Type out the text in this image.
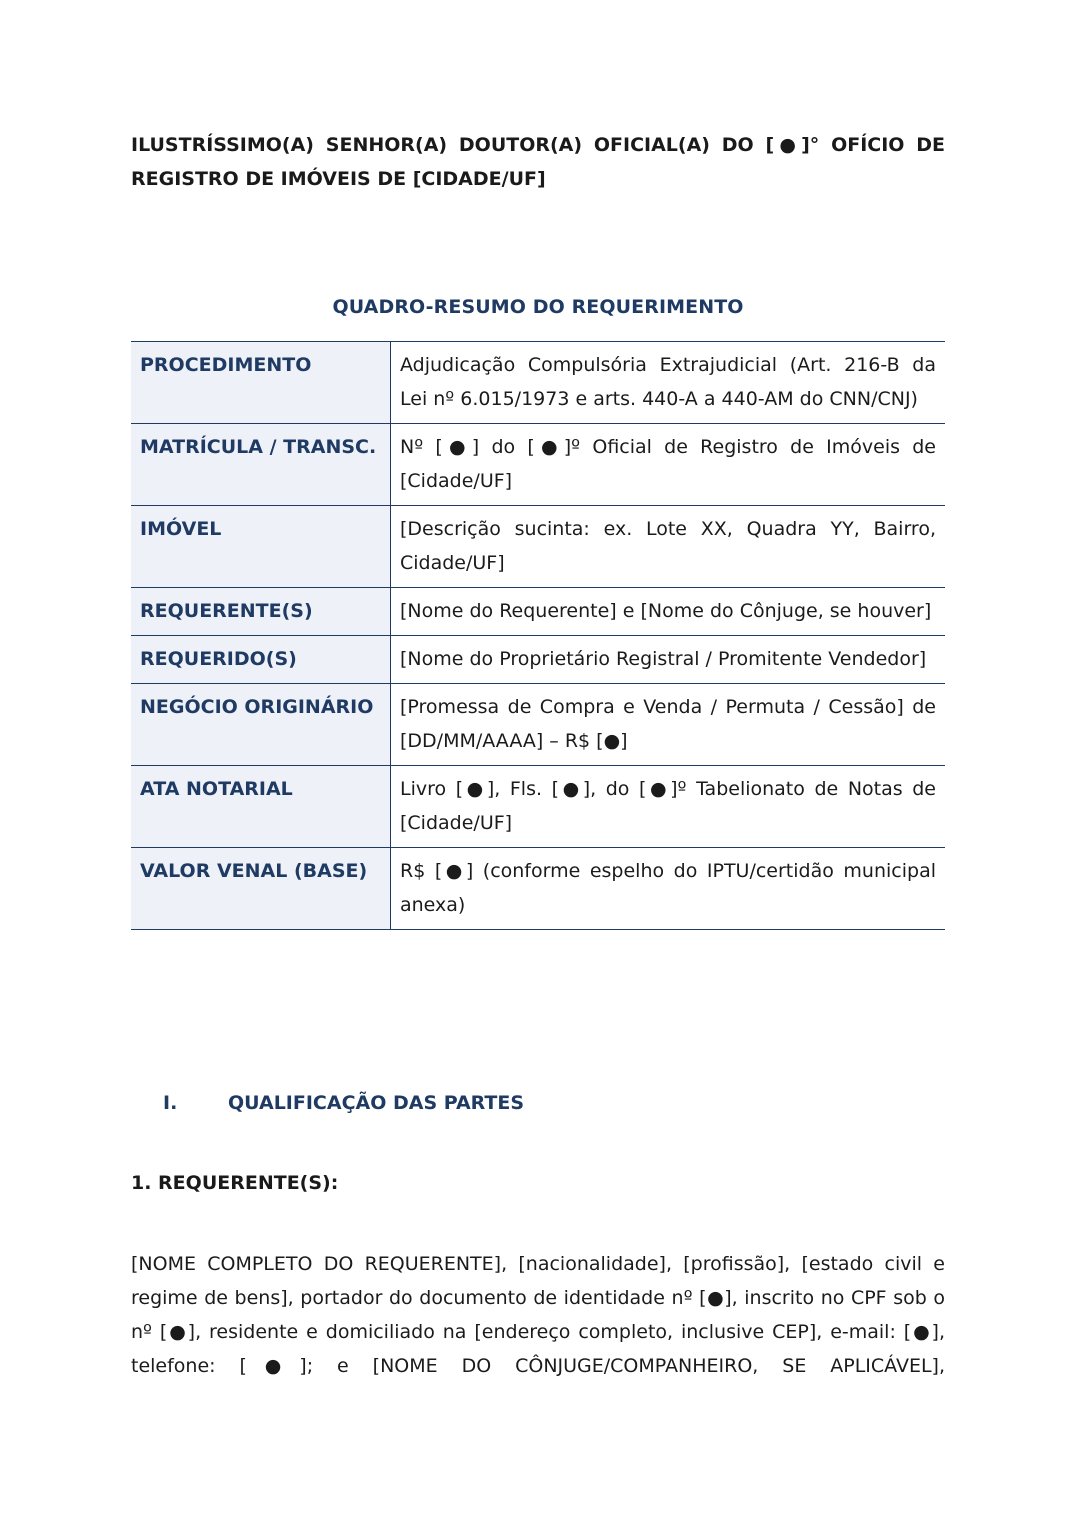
ILUSTRÍSSIMO(A) SENHOR(A) DOUTOR(A) OFICIAL(A) DO [●]° OFÍCIO DE
REGISTRO DE IMÓVEIS DE [CIDADE/UF]
QUADRO-RESUMO DO REQUERIMENTO
PROCEDIMENTO	Adjudicação Compulsória Extrajudicial (Art. 216-B da Lei nº 6.015/1973 e arts. 440-A a 440-AM do CNN/CNJ)
MATRÍCULA / TRANSC.	Nº [●] do [●]º Oficial de Registro de Imóveis de [Cidade/UF]
IMÓVEL	[Descrição sucinta: ex. Lote XX, Quadra YY, Bairro, Cidade/UF]
REQUERENTE(S)	[Nome do Requerente] e [Nome do Cônjuge, se houver]
REQUERIDO(S)	[Nome do Proprietário Registral / Promitente Vendedor]
NEGÓCIO ORIGINÁRIO	[Promessa de Compra e Venda / Permuta / Cessão] de [DD/MM/AAAA] – R$ [●]
ATA NOTARIAL	Livro [●], Fls. [●], do [●]º Tabelionato de Notas de [Cidade/UF]
VALOR VENAL (BASE)	R$ [●] (conforme espelho do IPTU/certidão municipal anexa)
I.	QUALIFICAÇÃO DAS PARTES
1. REQUERENTE(S):
[NOME COMPLETO DO REQUERENTE], [nacionalidade], [profissão], [estado civil e regime de bens], portador do documento de identidade nº [●], inscrito no CPF sob o nº [●], residente e domiciliado na [endereço completo, inclusive CEP], e-mail: [●], telefone: [●]; e [NOME DO CÔNJUGE/COMPANHEIRO, SE APLICÁVEL],
